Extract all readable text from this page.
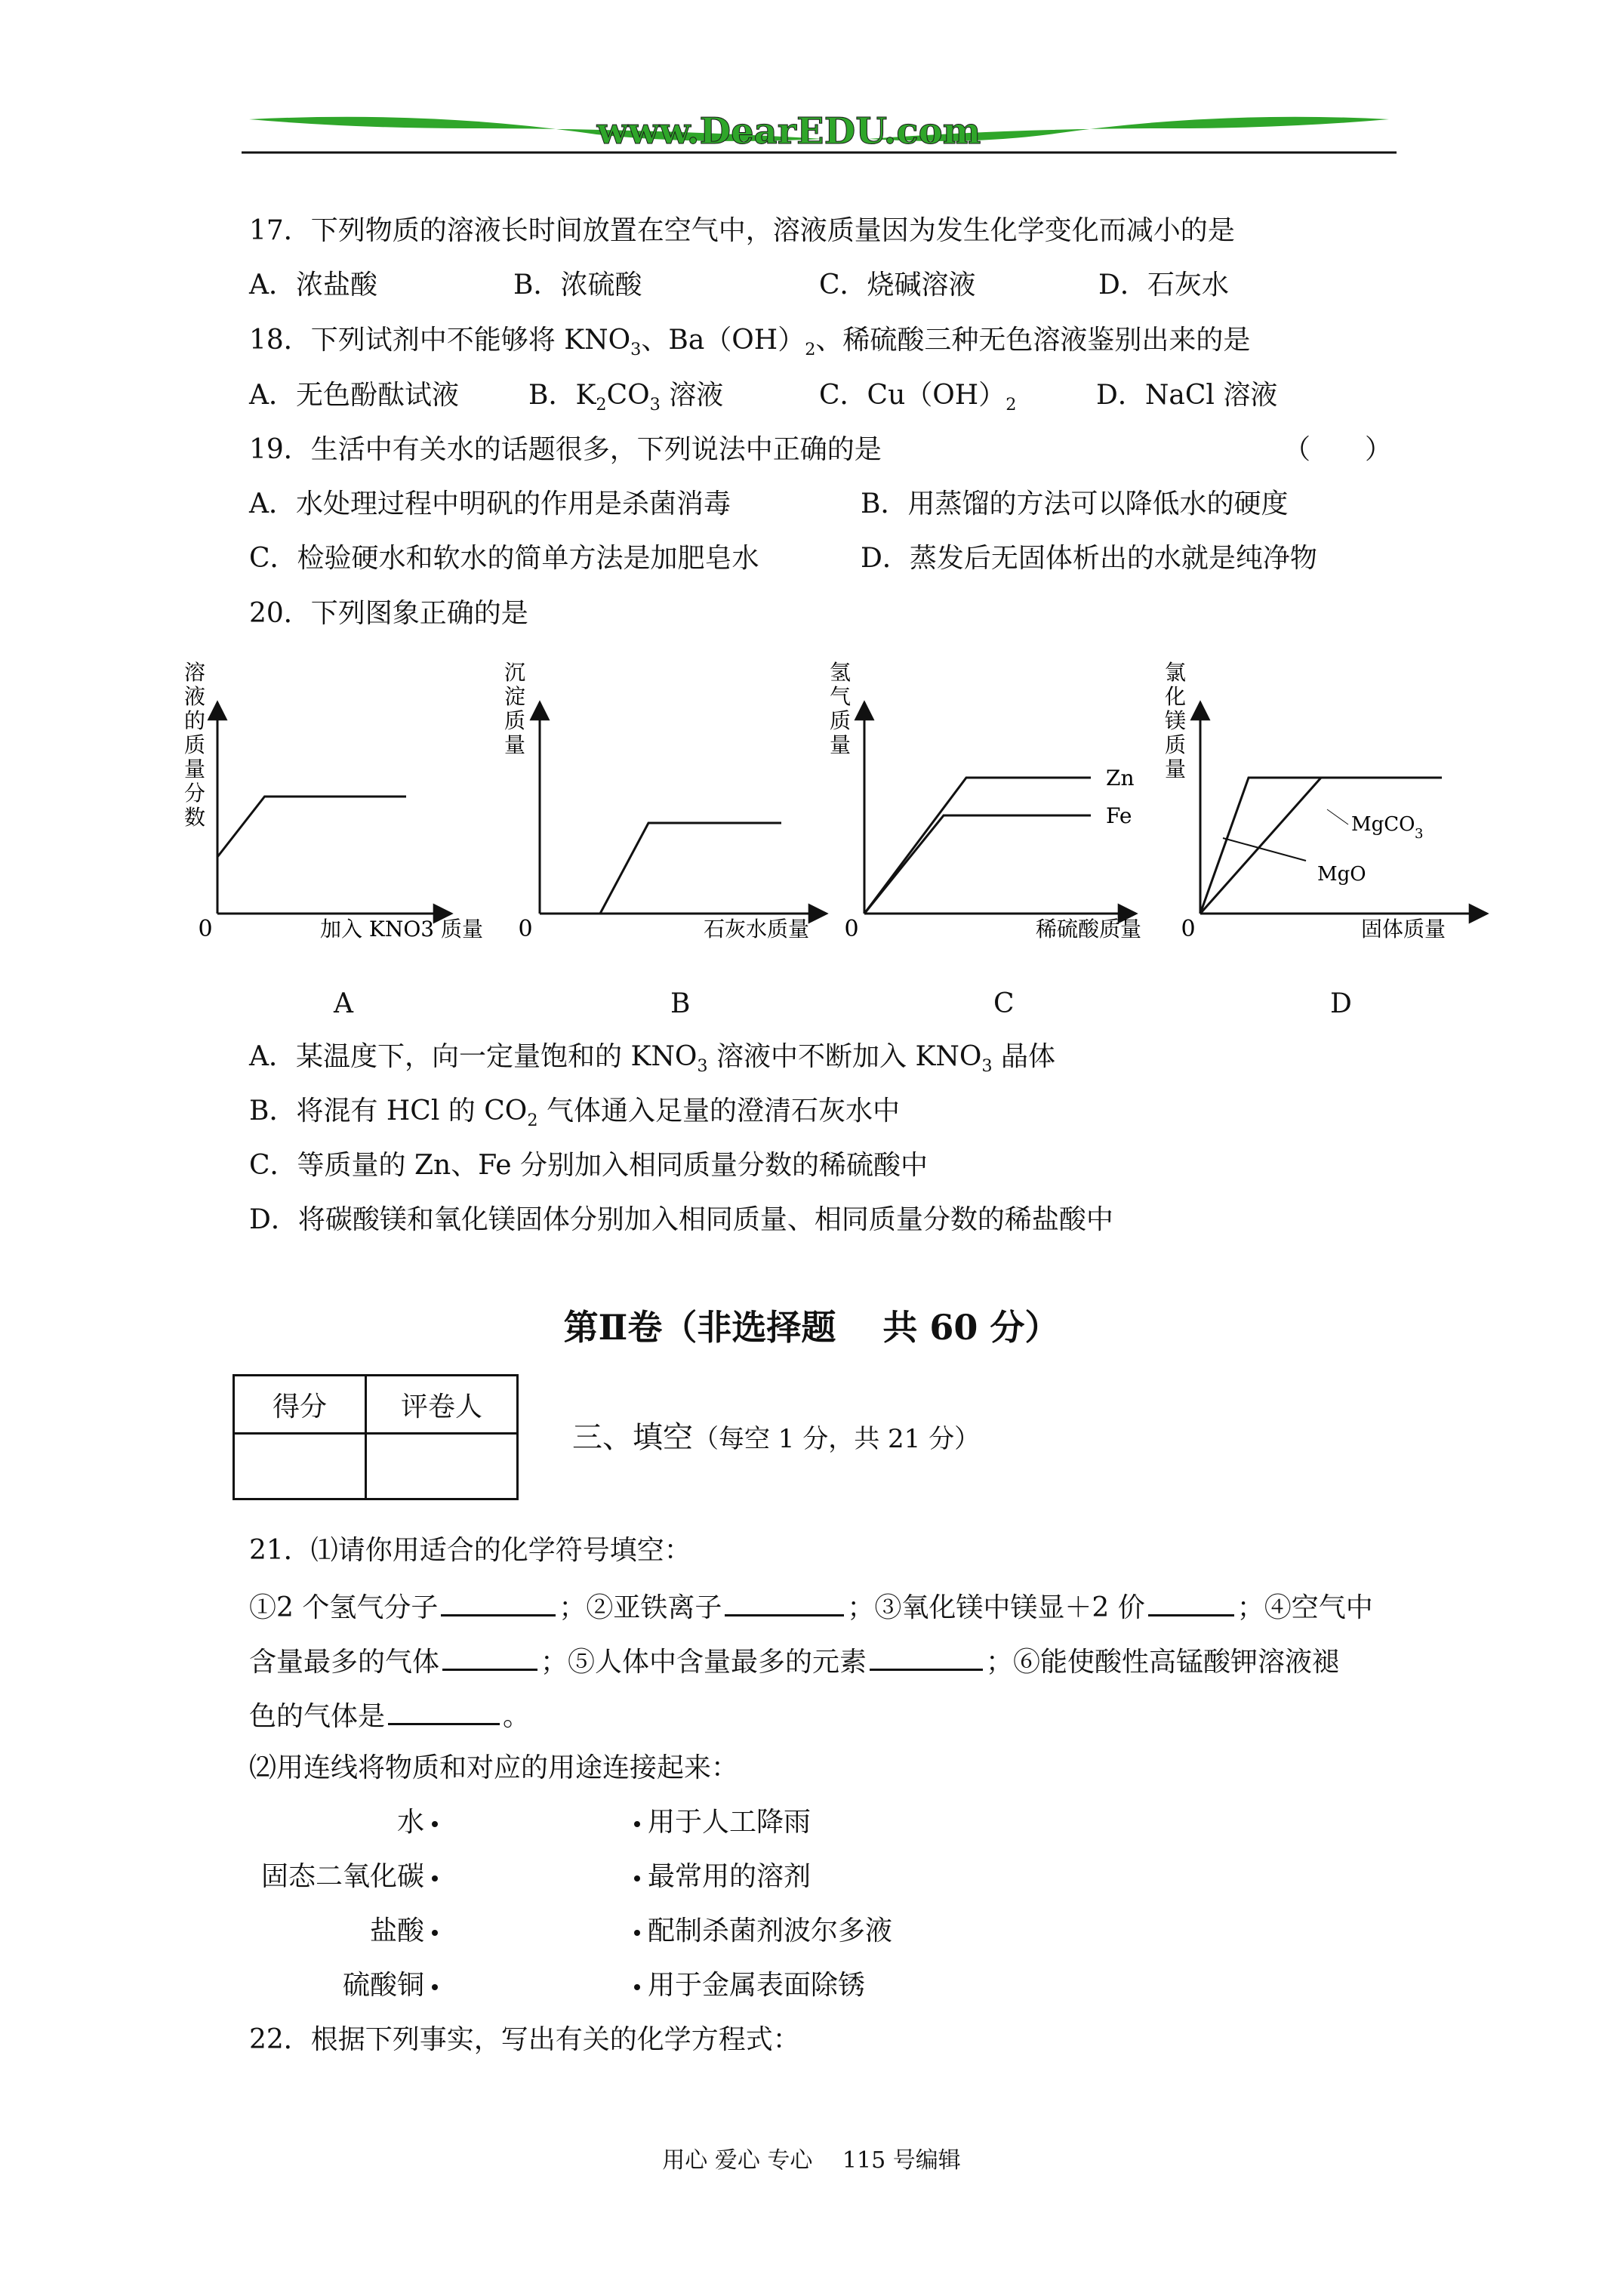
www.DearEDU.com
17．下列物质的溶液长时间放置在空气中，溶液质量因为发生化学变化而减小的是
A．浓盐酸	B．浓硫酸	C．烧碱溶液	D．石灰水
18．下列试剂中不能够将 $KNO_3$、$Ba(OH)_2$、稀硫酸三种无色溶液鉴别出来的是
A．无色酚酞试液	B．$K_2CO_3$ 溶液	C．$Cu(OH)_2$	D．NaCl 溶液
19．生活中有关水的话题很多，下列说法中正确的是	（　　）
A．水处理过程中明矾的作用是杀菌消毒	B．用蒸馏的方法可以降低水的硬度
C．检验硬水和软水的简单方法是加肥皂水	D．蒸发后无固体析出的水就是纯净物
20．下列图象正确的是
溶
液
的
质
量
分
数
加入 KNO3 质量
0
沉
淀
质
量
石灰水质量
0
氢
气
质
量
稀硫酸质量
0
Zn
Fe
氯
化
镁
质
量
固体质量
0
MgCO 3
MgO
A	B	C	D
A．某温度下，向一定量饱和的 $KNO_3$ 溶液中不断加入 $KNO_3$ 晶体
B．将混有 HCl 的 $CO_2$ 气体通入足量的澄清石灰水中
C．等质量的 Zn、Fe 分别加入相同质量分数的稀硫酸中
D．将碳酸镁和氧化镁固体分别加入相同质量、相同质量分数的稀盐酸中
第Ⅱ卷（非选择题　 共 60 分）
得分	评卷人

三、填空（每空 1 分，共 21 分）
21．⑴请你用适合的化学符号填空：
①2 个氢气分子	；②亚铁离子	；③氧化镁中镁显＋2 价	；④空气中
含量最多的气体	；⑤人体中含量最多的元素	；⑥能使酸性高锰酸钾溶液褪
色的气体是	。
⑵用连线将物质和对应的用途连接起来：
水	用于人工降雨
固态二氧化碳	最常用的溶剂
盐酸	配制杀菌剂波尔多液
硫酸铜	用于金属表面除锈
22．根据下列事实，写出有关的化学方程式：
用心 爱心 专心　 115 号编辑
